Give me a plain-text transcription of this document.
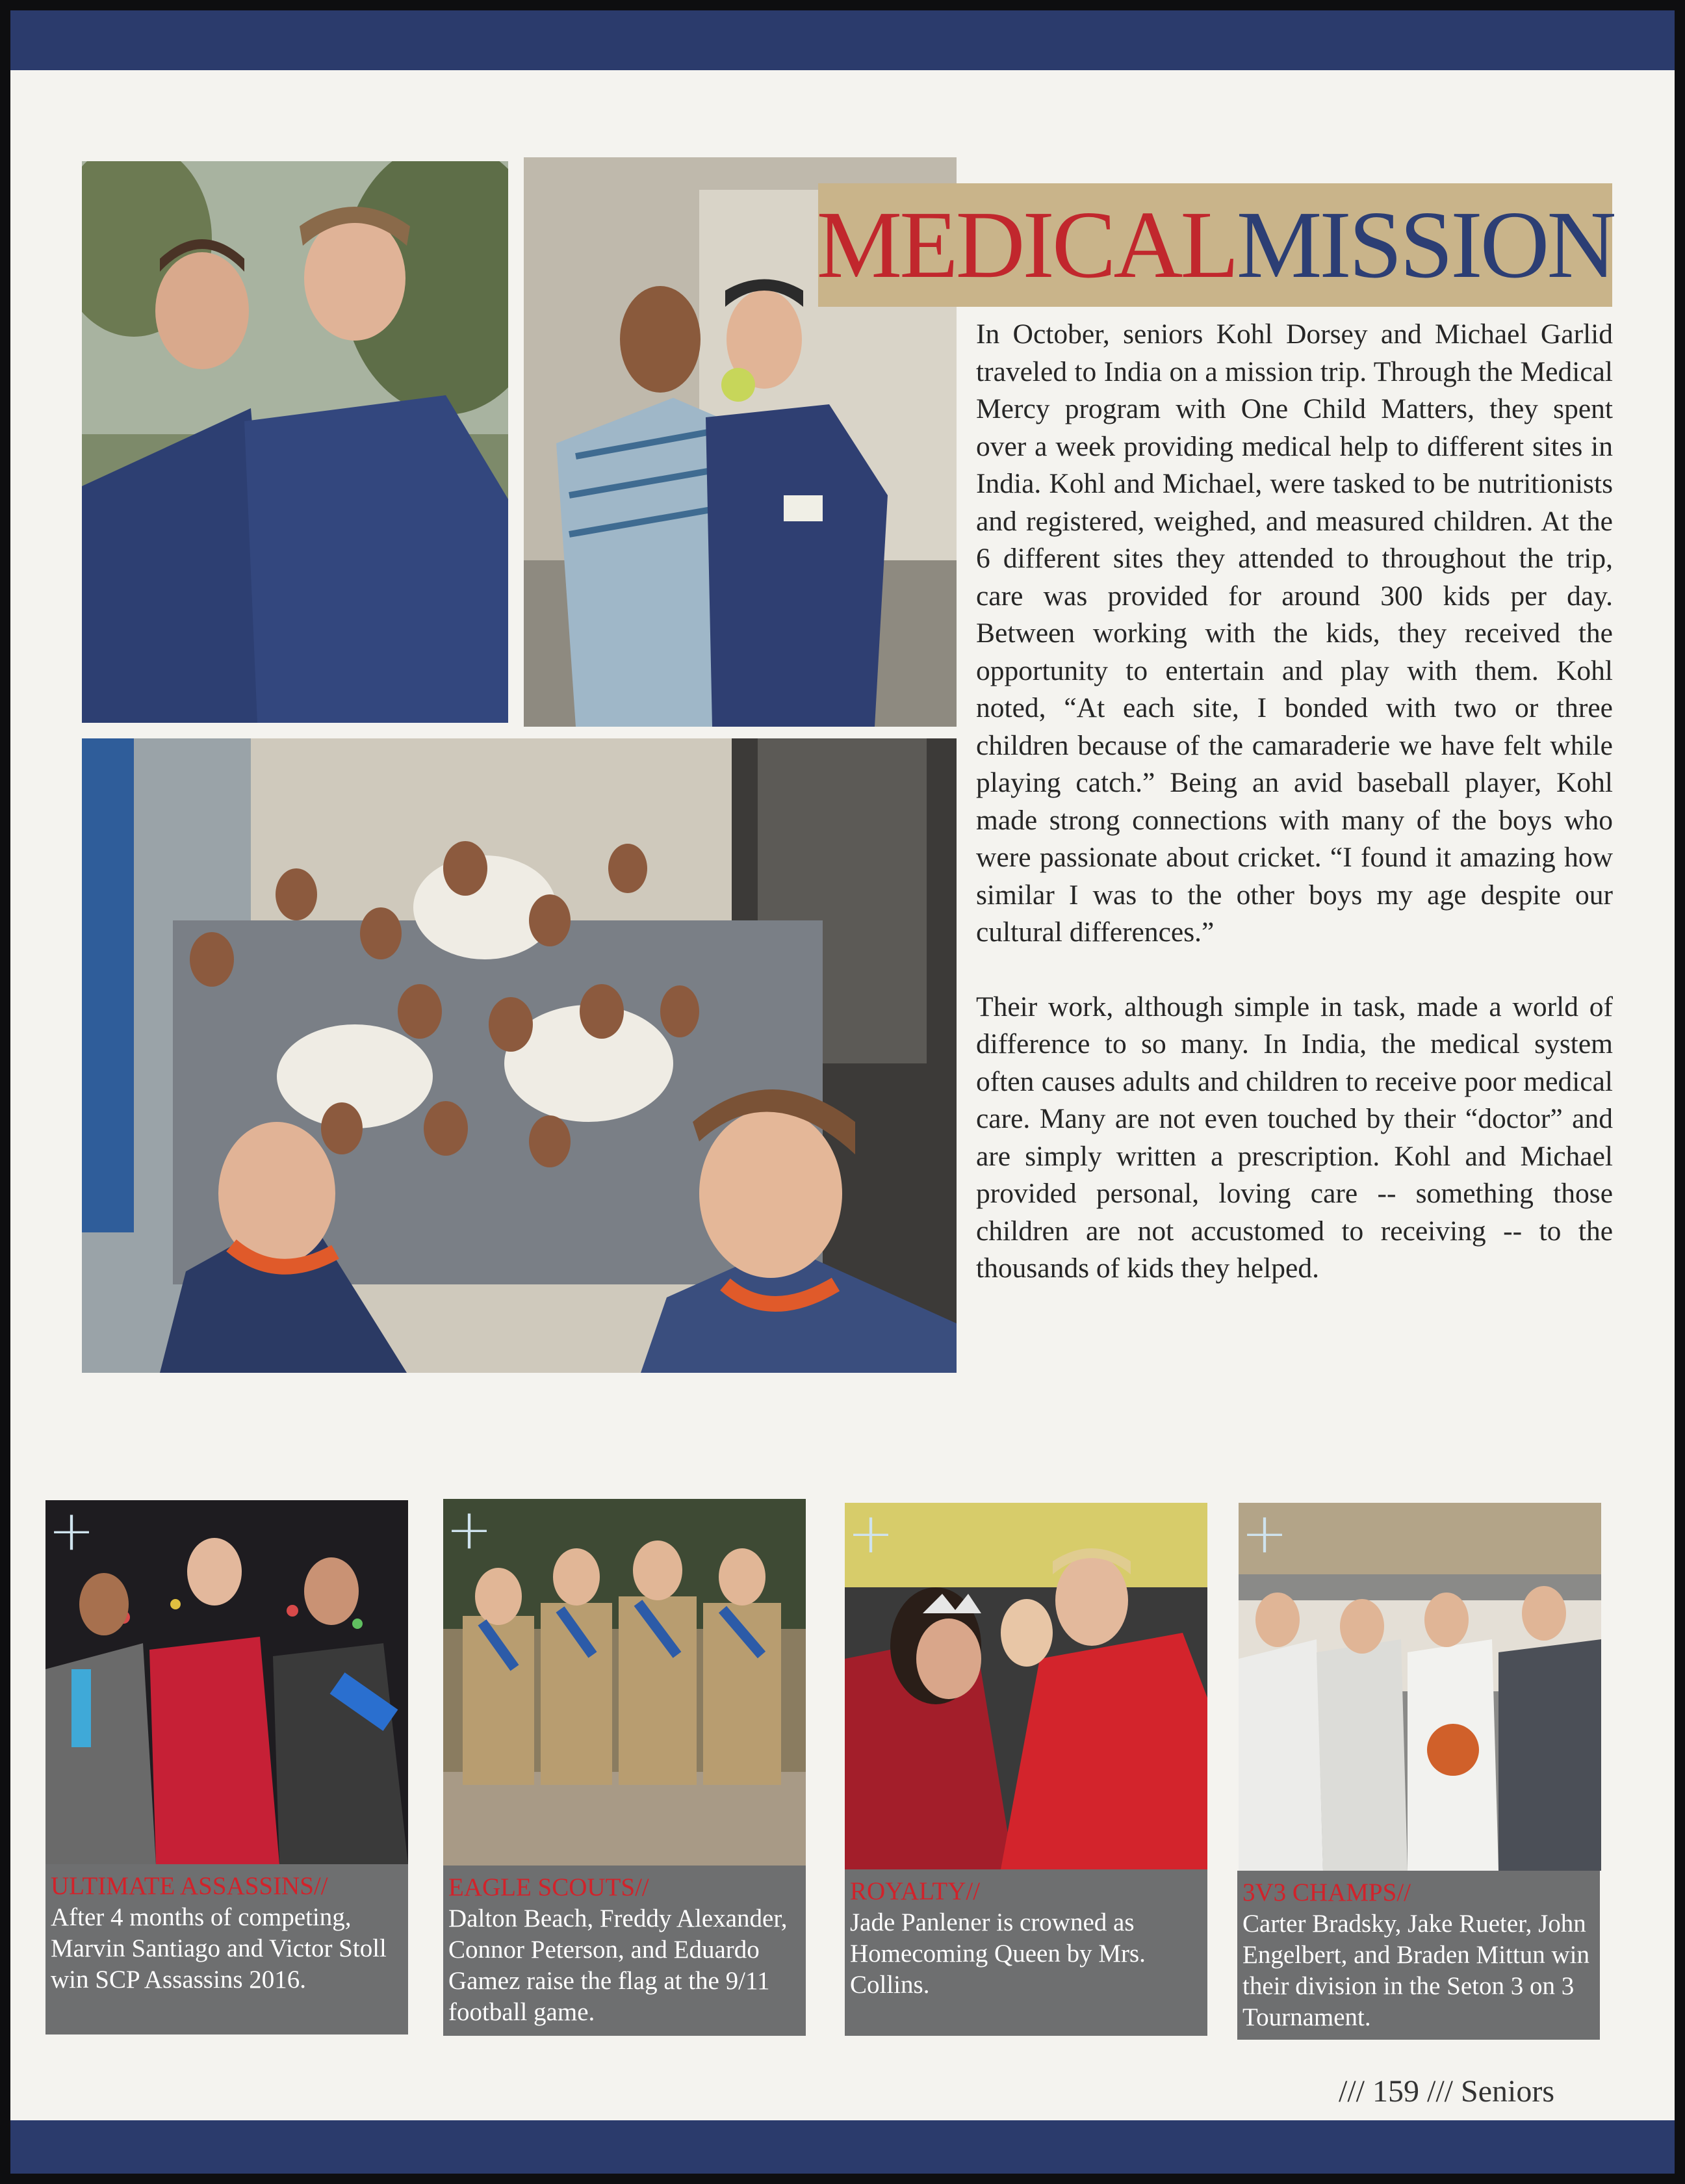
MEDICAL MISSION

In October, seniors Kohl Dorsey and Michael Garlid traveled to India on a mission trip. Through the Medical Mercy program with One Child Matters, they spent over a week providing medical help to different sites in India. Kohl and Michael, were tasked to be nutritionists and registered, weighed, and measured children. At the 6 different sites they attended to throughout the trip, care was provided for around 300 kids per day. Between working with the kids, they received the opportunity to entertain and play with them. Kohl noted, “At each site, I bonded with two or three children because of the camaraderie we have felt while playing catch.” Being an avid baseball player, Kohl made strong connections with many of the boys who were passionate about cricket. “I found it amazing how similar I was to the other boys my age despite our cultural differences.”

Their work, although simple in task, made a world of difference to so many. In India, the medical system often causes adults and children to receive poor medical care. Many are not even touched by their “doctor” and are simply written a prescription. Kohl and Michael provided personal, loving care -- something those children are not accustomed to receiving -- to the thousands of kids they helped.

+
ULTIMATE ASSASSINS//
After 4 months of competing, Marvin Santiago and Victor Stoll win SCP Assassins 2016.
+
EAGLE SCOUTS//
Dalton Beach, Freddy Alexander, Connor Peterson, and Eduardo Gamez raise the flag at the 9/11 football game.
+
ROYALTY//
Jade Panlener is crowned as Homecoming Queen by Mrs. Collins.
+
3V3 CHAMPS//
Carter Bradsky, Jake Rueter, John Engelbert, and Braden Mittun win their division in the Seton 3 on 3 Tournament.
/// 159 /// Seniors
